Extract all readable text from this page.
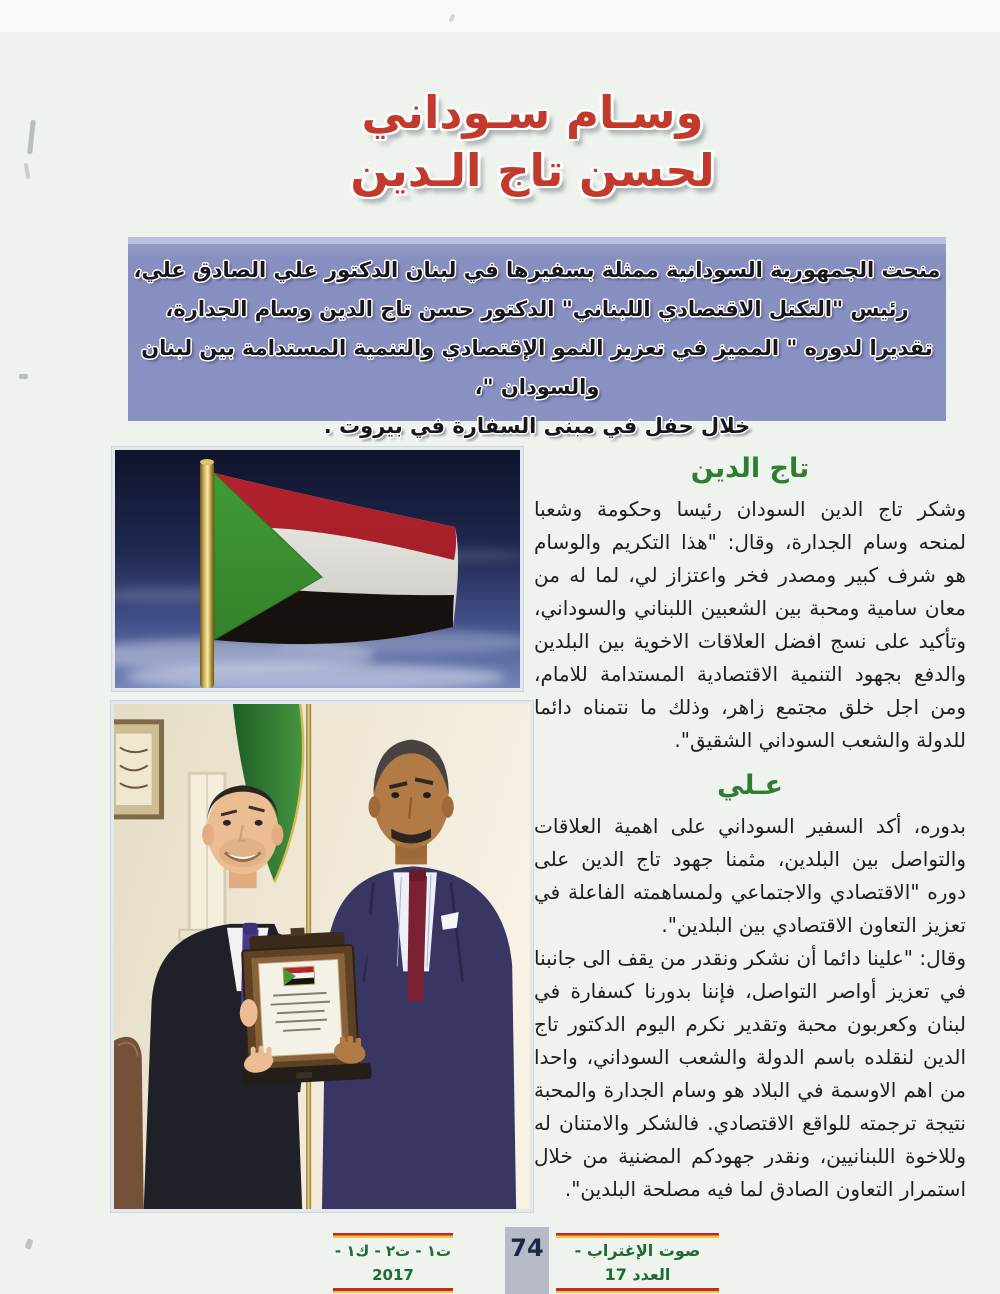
وسـام سـوداني
لحسن تاج الـدين

منحت الجمهورية السودانية ممثلة بسفيرها في لبنان الدكتور علي الصادق علي،

رئيس "التكتل الاقتصادي اللبناني" الدكتور حسن تاج الدين وسام الجدارة،

تقديرا لدوره " المميز في تعزيز النمو الإقتصادي والتنمية المستدامة بين لبنان والسودان "،

خلال حفل في مبنى السفارة في بيروت .

تاج الدين

وشكر تاج الدين السودان رئيسا وحكومة وشعبا لمنحه وسام الجدارة، وقال: "هذا التكريم والوسام هو شرف كبير ومصدر فخر واعتزاز لي، لما له من معان سامية ومحبة بين الشعبين اللبناني والسوداني، وتأكيد على نسج افضل العلاقات الاخوية بين البلدين والدفع بجهود التنمية الاقتصادية المستدامة للامام، ومن اجل خلق مجتمع زاهر، وذلك ما نتمناه دائما للدولة والشعب السوداني الشقيق".

عـلي

بدوره، أكد السفير السوداني على اهمية العلاقات والتواصل بين البلدين، مثمنا جهود تاج الدين على دوره "الاقتصادي والاجتماعي ولمساهمته الفاعلة في تعزيز التعاون الاقتصادي بين البلدين".

وقال: "علينا دائما أن نشكر ونقدر من يقف الى جانبنا في تعزيز أواصر التواصل، فإننا بدورنا كسفارة في لبنان وكعربون محبة وتقدير نكرم اليوم الدكتور تاج الدين لنقلده باسم الدولة والشعب السوداني، واحدا من اهم الاوسمة في البلاد هو وسام الجدارة والمحبة نتيجة ترجمته للواقع الاقتصادي. فالشكر والامتنان له وللاخوة اللبنانيين، ونقدر جهودكم المضنية من خلال استمرار التعاون الصادق لما فيه مصلحة البلدين".

ت١ - ت٢ - ك١ - 2017
74	صوت الإغتراب - العدد 17
